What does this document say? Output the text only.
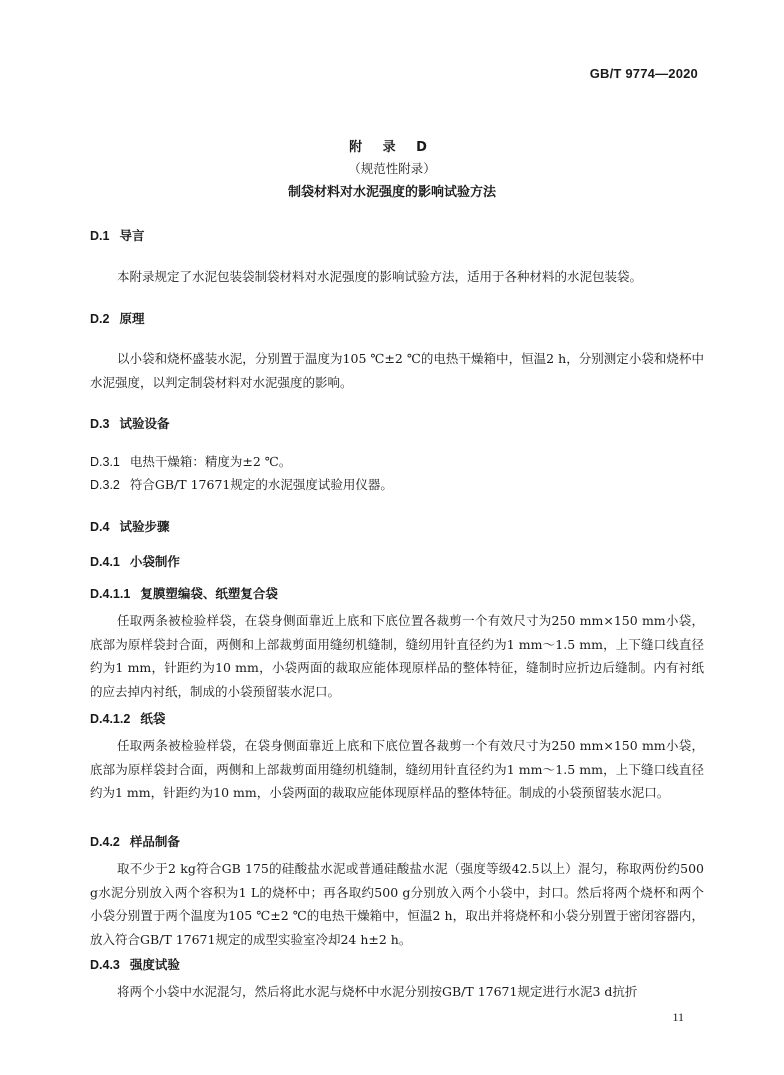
GB/T 9774—2020
附 录 D
（规范性附录）
制袋材料对水泥强度的影响试验方法
D.1 导言
本附录规定了水泥包装袋制袋材料对水泥强度的影响试验方法，适用于各种材料的水泥包装袋。
D.2 原理
以小袋和烧杯盛装水泥，分别置于温度为105 ℃±2 ℃的电热干燥箱中，恒温2 h，分别测定小袋和烧杯中水泥强度，以判定制袋材料对水泥强度的影响。
D.3 试验设备
D.3.1 电热干燥箱：精度为±2 ℃。
D.3.2 符合GB/T 17671规定的水泥强度试验用仪器。
D.4 试验步骤
D.4.1 小袋制作
D.4.1.1 复膜塑编袋、纸塑复合袋
任取两条被检验样袋，在袋身侧面靠近上底和下底位置各裁剪一个有效尺寸为250 mm×150 mm小袋，底部为原样袋封合面，两侧和上部裁剪面用缝纫机缝制，缝纫用针直径约为1 mm～1.5 mm，上下缝口线直径约为1 mm，针距约为10 mm，小袋两面的裁取应能体现原样品的整体特征，缝制时应折边后缝制。内有衬纸的应去掉内衬纸，制成的小袋预留装水泥口。
D.4.1.2 纸袋
任取两条被检验样袋，在袋身侧面靠近上底和下底位置各裁剪一个有效尺寸为250 mm×150 mm小袋，底部为原样袋封合面，两侧和上部裁剪面用缝纫机缝制，缝纫用针直径约为1 mm～1.5 mm，上下缝口线直径约为1 mm，针距约为10 mm，小袋两面的裁取应能体现原样品的整体特征。制成的小袋预留装水泥口。
D.4.2 样品制备
取不少于2 kg符合GB 175的硅酸盐水泥或普通硅酸盐水泥（强度等级42.5以上）混匀，称取两份约500 g水泥分别放入两个容积为1 L的烧杯中；再各取约500 g分别放入两个小袋中，封口。然后将两个烧杯和两个小袋分别置于两个温度为105 ℃±2 ℃的电热干燥箱中，恒温2 h，取出并将烧杯和小袋分别置于密闭容器内，放入符合GB/T 17671规定的成型实验室冷却24 h±2 h。
D.4.3 强度试验
将两个小袋中水泥混匀，然后将此水泥与烧杯中水泥分别按GB/T 17671规定进行水泥3 d抗折
11
